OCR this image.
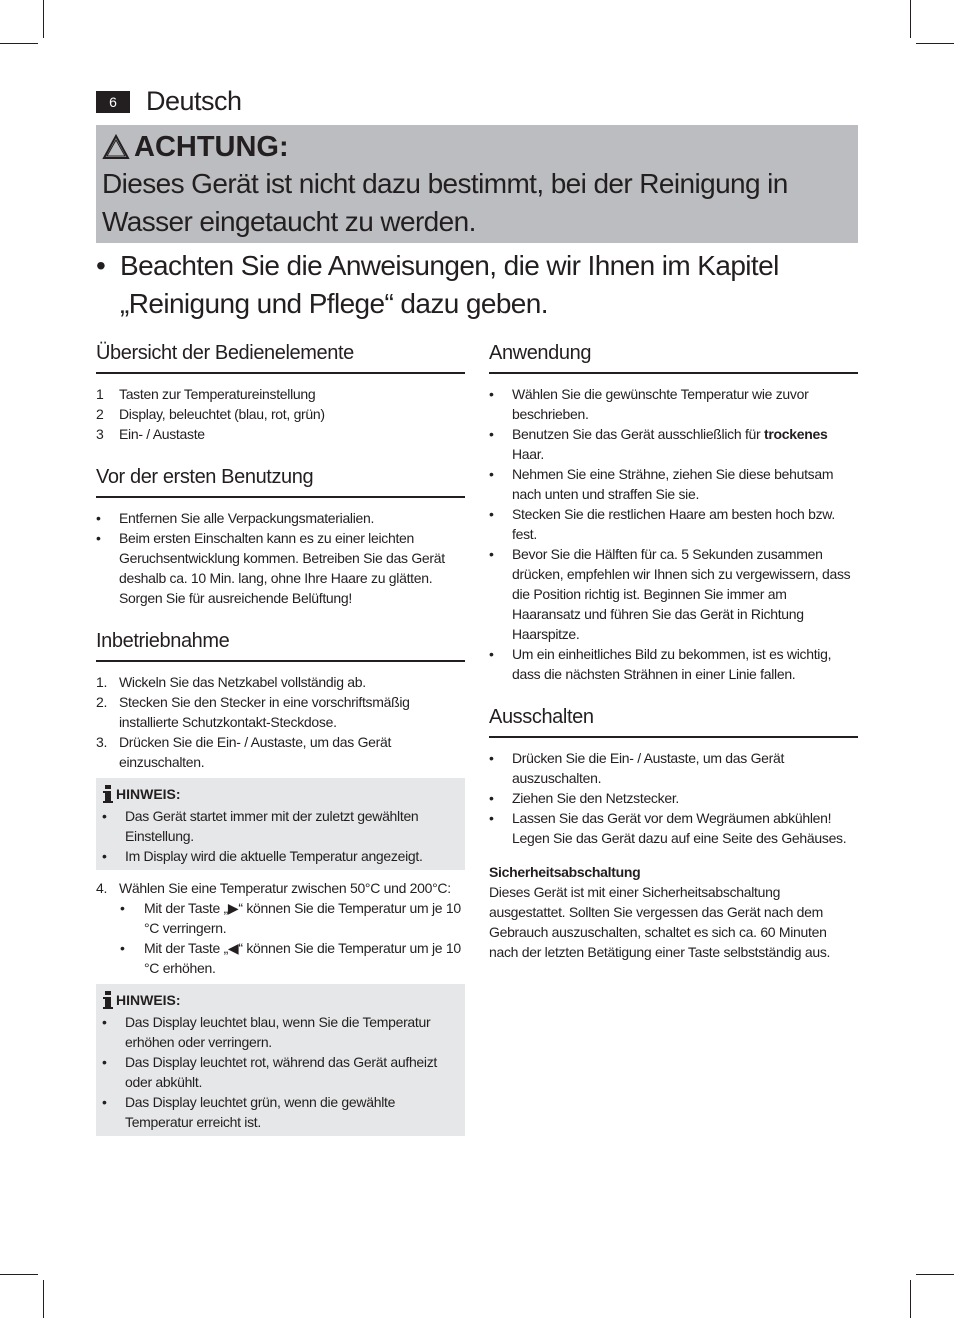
6	Deutsch
ACHTUNG:
Dieses Gerät ist nicht dazu bestimmt, bei der Reinigung in Wasser eingetaucht zu werden.
• Beachten Sie die Anweisungen, die wir Ihnen im Kapitel „Reinigung und Pflege“ dazu geben.
Übersicht der Bedienelemente
1	Tasten zur Temperatureinstellung
2	Display, beleuchtet (blau, rot, grün)
3	Ein- / Austaste
Vor der ersten Benutzung
•	Entfernen Sie alle Verpackungsmaterialien.
•	Beim ersten Einschalten kann es zu einer leichten Geruchsentwicklung kommen. Betreiben Sie das Gerät deshalb ca. 10 Min. lang, ohne Ihre Haare zu glätten. Sorgen Sie für ausreichende Belüftung!
Inbetriebnahme
1. Wickeln Sie das Netzkabel vollständig ab.
2. Stecken Sie den Stecker in eine vorschriftsmäßig installierte Schutzkontakt-Steckdose.
3. Drücken Sie die Ein- / Austaste, um das Gerät einzuschalten.
HINWEIS:
•	Das Gerät startet immer mit der zuletzt gewählten Einstellung.
•	Im Display wird die aktuelle Temperatur angezeigt.
4. Wählen Sie eine Temperatur zwischen 50°C und 200°C:
•	Mit der Taste „▶“ können Sie die Temperatur um je 10 °C verringern.
•	Mit der Taste „◀“ können Sie die Temperatur um je 10 °C erhöhen.
HINWEIS:
•	Das Display leuchtet blau, wenn Sie die Temperatur erhöhen oder verringern.
•	Das Display leuchtet rot, während das Gerät aufheizt oder abkühlt.
•	Das Display leuchtet grün, wenn die gewählte Temperatur erreicht ist.
Anwendung
•	Wählen Sie die gewünschte Temperatur wie zuvor beschrieben.
•	Benutzen Sie das Gerät ausschließlich für trockenes Haar.
•	Nehmen Sie eine Strähne, ziehen Sie diese behutsam nach unten und straffen Sie sie.
•	Stecken Sie die restlichen Haare am besten hoch bzw. fest.
•	Bevor Sie die Hälften für ca. 5 Sekunden zusammen drücken, empfehlen wir Ihnen sich zu vergewissern, dass die Position richtig ist. Beginnen Sie immer am Haaransatz und führen Sie das Gerät in Richtung Haarspitze.
•	Um ein einheitliches Bild zu bekommen, ist es wichtig, dass die nächsten Strähnen in einer Linie fallen.
Ausschalten
•	Drücken Sie die Ein- / Austaste, um das Gerät auszuschalten.
•	Ziehen Sie den Netzstecker.
•	Lassen Sie das Gerät vor dem Wegräumen abkühlen! Legen Sie das Gerät dazu auf eine Seite des Gehäuses.
Sicherheitsabschaltung

Dieses Gerät ist mit einer Sicherheitsabschaltung ausgestattet. Sollten Sie vergessen das Gerät nach dem Gebrauch auszuschalten, schaltet es sich ca. 60 Minuten nach der letzten Betätigung einer Taste selbstständig aus.
